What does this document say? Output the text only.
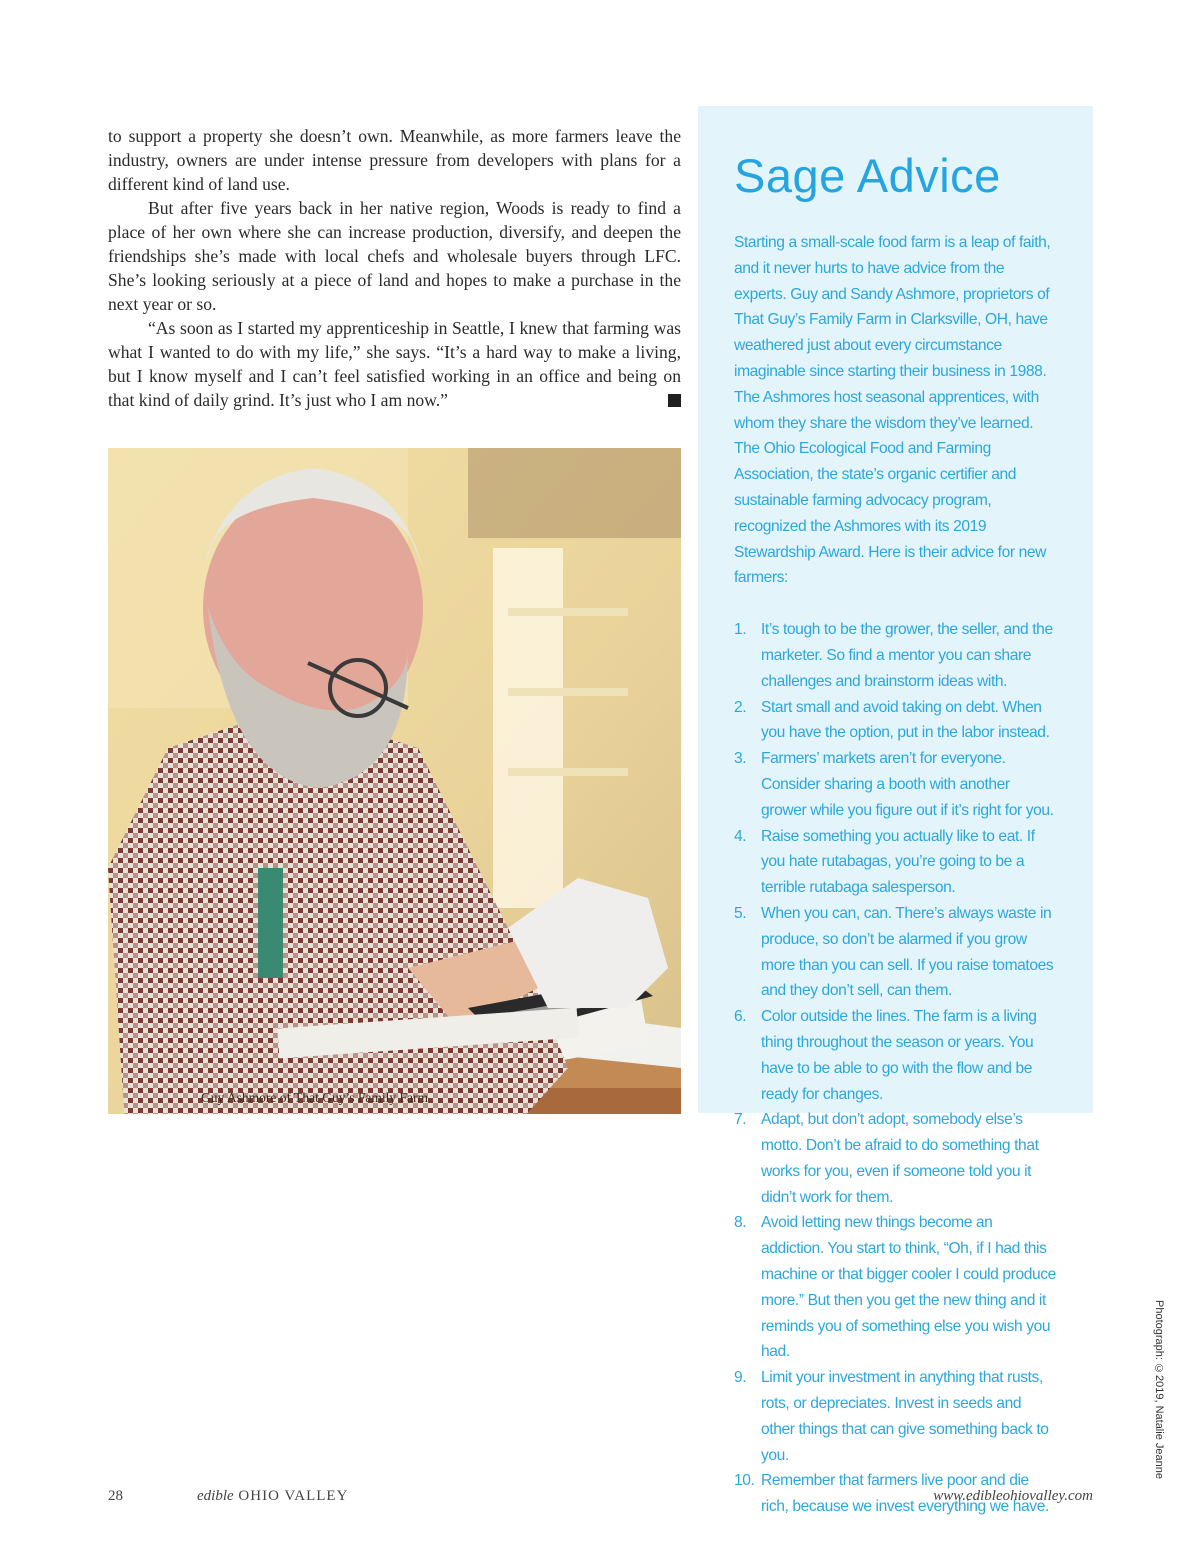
to support a property she doesn’t own. Meanwhile, as more farmers leave the industry, owners are under intense pressure from developers with plans for a different kind of land use.

But after five years back in her native region, Woods is ready to find a place of her own where she can increase production, diversify, and deepen the friendships she’s made with local chefs and wholesale buyers through LFC. She’s looking seriously at a piece of land and hopes to make a purchase in the next year or so.

“As soon as I started my apprenticeship in Seattle, I knew that farming was what I wanted to do with my life,” she says. “It’s a hard way to make a living, but I know myself and I can’t feel satisfied working in an office and being on that kind of daily grind. It’s just who I am now.”

Guy Ashmore of That Guy’s Family Farm
Sage Advice

Starting a small-scale food farm is a leap of faith, and it never hurts to have advice from the experts. Guy and Sandy Ashmore, proprietors of That Guy’s Family Farm in Clarksville, OH, have weathered just about every circumstance imaginable since starting their business in 1988. The Ashmores host seasonal apprentices, with whom they share the wisdom they’ve learned. The Ohio Ecological Food and Farming Association, the state’s organic certifier and sustainable farming advocacy program, recognized the Ashmores with its 2019 Stewardship Award. Here is their advice for new farmers:

1. It’s tough to be the grower, the seller, and the marketer. So find a mentor you can share challenges and brainstorm ideas with.
2. Start small and avoid taking on debt. When you have the option, put in the labor instead.
3. Farmers’ markets aren’t for everyone. Consider sharing a booth with another grower while you figure out if it’s right for you.
4. Raise something you actually like to eat. If you hate rutabagas, you’re going to be a terrible rutabaga salesperson.
5. When you can, can. There’s always waste in produce, so don’t be alarmed if you grow more than you can sell. If you raise tomatoes and they don’t sell, can them.
6. Color outside the lines. The farm is a living thing throughout the season or years. You have to be able to go with the flow and be ready for changes.
7. Adapt, but don’t adopt, somebody else’s motto. Don’t be afraid to do something that works for you, even if someone told you it didn’t work for them.
8. Avoid letting new things become an addiction. You start to think, “Oh, if I had this machine or that bigger cooler I could produce more.” But then you get the new thing and it reminds you of something else you wish you had.
9. Limit your investment in anything that rusts, rots, or depreciates. Invest in seeds and other things that can give something back to you.
10. Remember that farmers live poor and die rich, because we invest everything we have.
Photograph: ©2019, Natalie Jeanne
28	edible OHIO VALLEY	www.edibleohiovalley.com
